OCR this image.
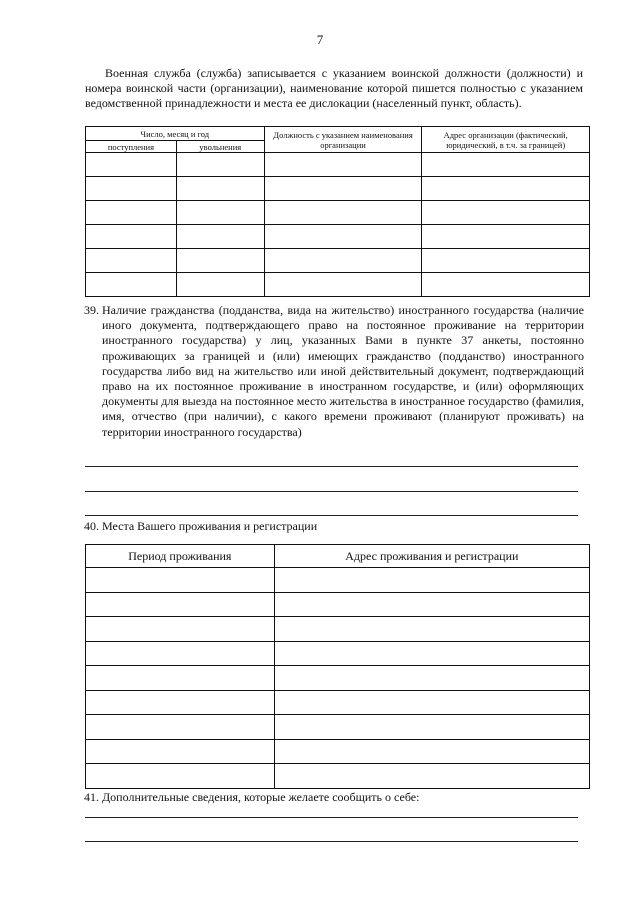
7
Военная служба (служба) записывается с указанием воинской должности (должности) и номера воинской части (организации), наименование которой пишется полностью с указанием ведомственной принадлежности и места ее дислокации (населенный пункт, область).
Число, месяц и год		Должность с указанием наименования организации	Адрес организации (фактический, юридический, в т.ч. за границей)
поступления	увольнения		

39. Наличие гражданства (подданства, вида на жительство) иностранного государства (наличие иного документа, подтверждающего право на постоянное проживание на территории иностранного государства) у лиц, указанных Вами в пункте 37 анкеты, постоянно проживающих за границей и (или) имеющих гражданство (подданство) иностранного государства либо вид на жительство или иной действительный документ, подтверждающий право на их постоянное проживание в иностранном государстве, и (или) оформляющих документы для выезда на постоянное место жительства в иностранное государство (фамилия, имя, отчество (при наличии), с какого времени проживают (планируют проживать) на территории иностранного государства)
40. Места Вашего проживания и регистрации
Период проживания	Адрес проживания и регистрации

41. Дополнительные сведения, которые желаете сообщить о себе:
